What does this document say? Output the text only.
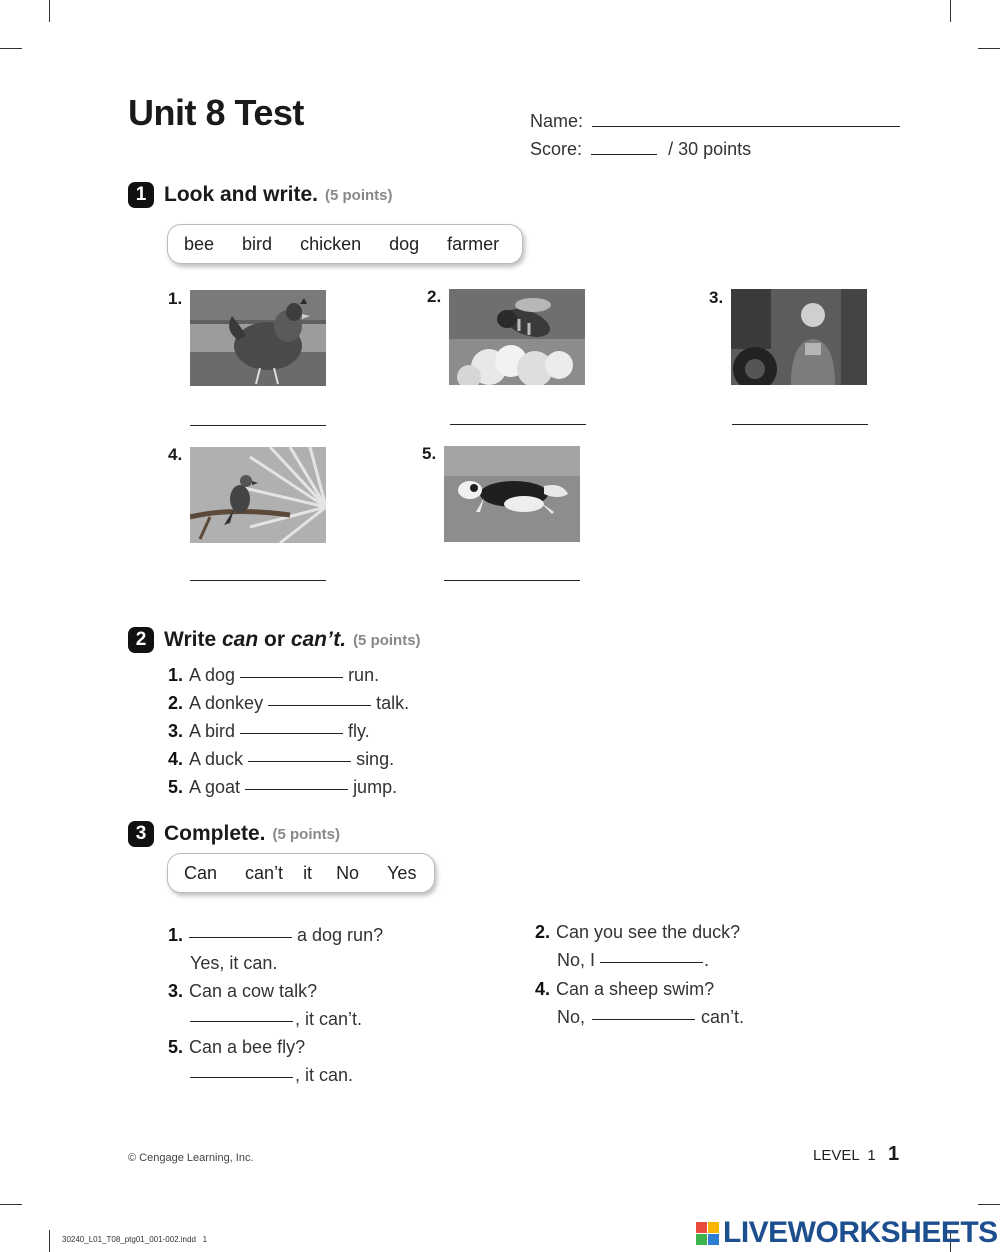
Unit 8 Test	Name:
Score:	/ 30 points
1 Look and write. (5 points)
bee bird chicken dog farmer
1.	2.	3.
4.	5.
2 Write can or can’t. (5 points)
1. A dog	run.
2. A donkey	talk.
3. A bird	fly.
4. A duck	sing.
5. A goat	jump.
3 Complete. (5 points)
Can can’t it No Yes
1.	a dog run?
Yes, it can.
3. Can a cow talk?
, it can’t.
5. Can a bee fly?
, it can.
2. Can you see the duck?
No, I	.
4. Can a sheep swim?
No,	can’t.
© Cengage Learning, Inc.	LEVEL 1 1
30240_L01_T08_ptg01_001-002.indd   1	LIVEWORKSHEETS
